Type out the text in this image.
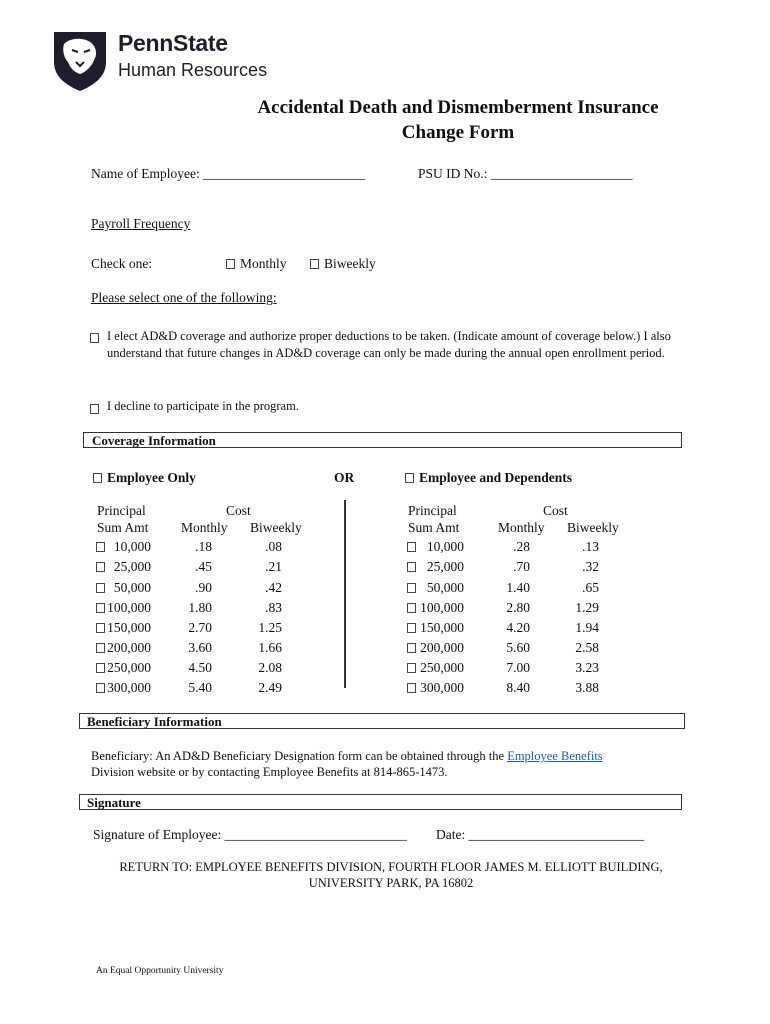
PennState
Human Resources
Accidental Death and Dismemberment Insurance
Change Form
Name of Employee: ________________________	PSU ID No.: _____________________
Payroll Frequency
Check one:	Monthly	Biweekly
Please select one of the following:
I elect AD&D coverage and authorize proper deductions to be taken. (Indicate amount of coverage below.) I also understand that future changes in AD&D coverage can only be made during the annual open enrollment period.
I decline to participate in the program.
Coverage Information
Employee Only	OR	Employee and Dependents
Principal
Sum Amt
Cost
Monthly Biweekly
Principal
Sum Amt
Cost
Monthly Biweekly
10,000	.18	.08
25,000	.45	.21
50,000	.90	.42
100,000	1.80	.83
150,000	2.70	1.25
200,000	3.60	1.66
250,000	4.50	2.08
300,000	5.40	2.49
10,000	.28	.13
25,000	.70	.32
50,000	1.40	.65
100,000	2.80	1.29
150,000	4.20	1.94
200,000	5.60	2.58
250,000	7.00	3.23
300,000	8.40	3.88
Beneficiary Information
Beneficiary: An AD&D Beneficiary Designation form can be obtained through the Employee Benefits
Division website or by contacting Employee Benefits at 814-865-1473.
Signature
Signature of Employee: ___________________________ Date: __________________________
RETURN TO: EMPLOYEE BENEFITS DIVISION, FOURTH FLOOR JAMES M. ELLIOTT BUILDING,
UNIVERSITY PARK, PA 16802
An Equal Opportunity University
